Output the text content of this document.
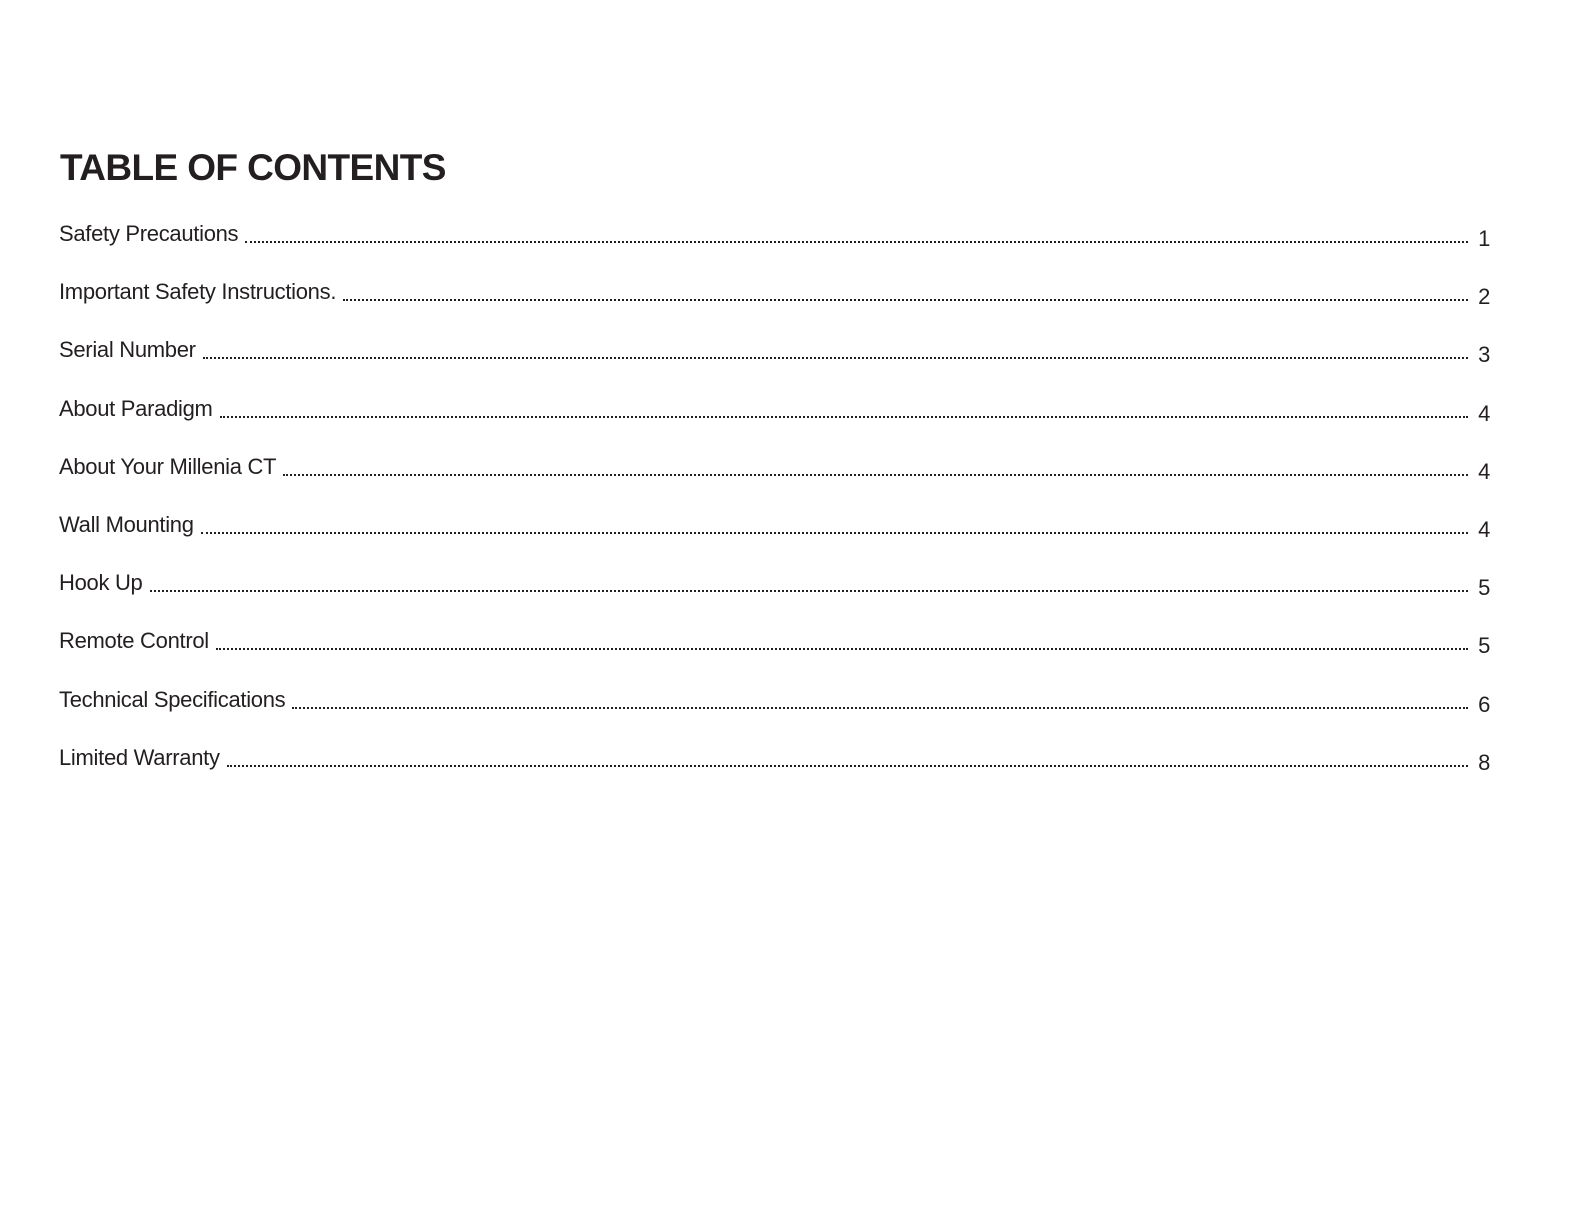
TABLE OF CONTENTS
Safety Precautions	1
Important Safety Instructions.	2
Serial Number	3
About Paradigm	4
About Your Millenia CT	4
Wall Mounting	4
Hook Up	5
Remote Control	5
Technical Specifications	6
Limited Warranty	8
